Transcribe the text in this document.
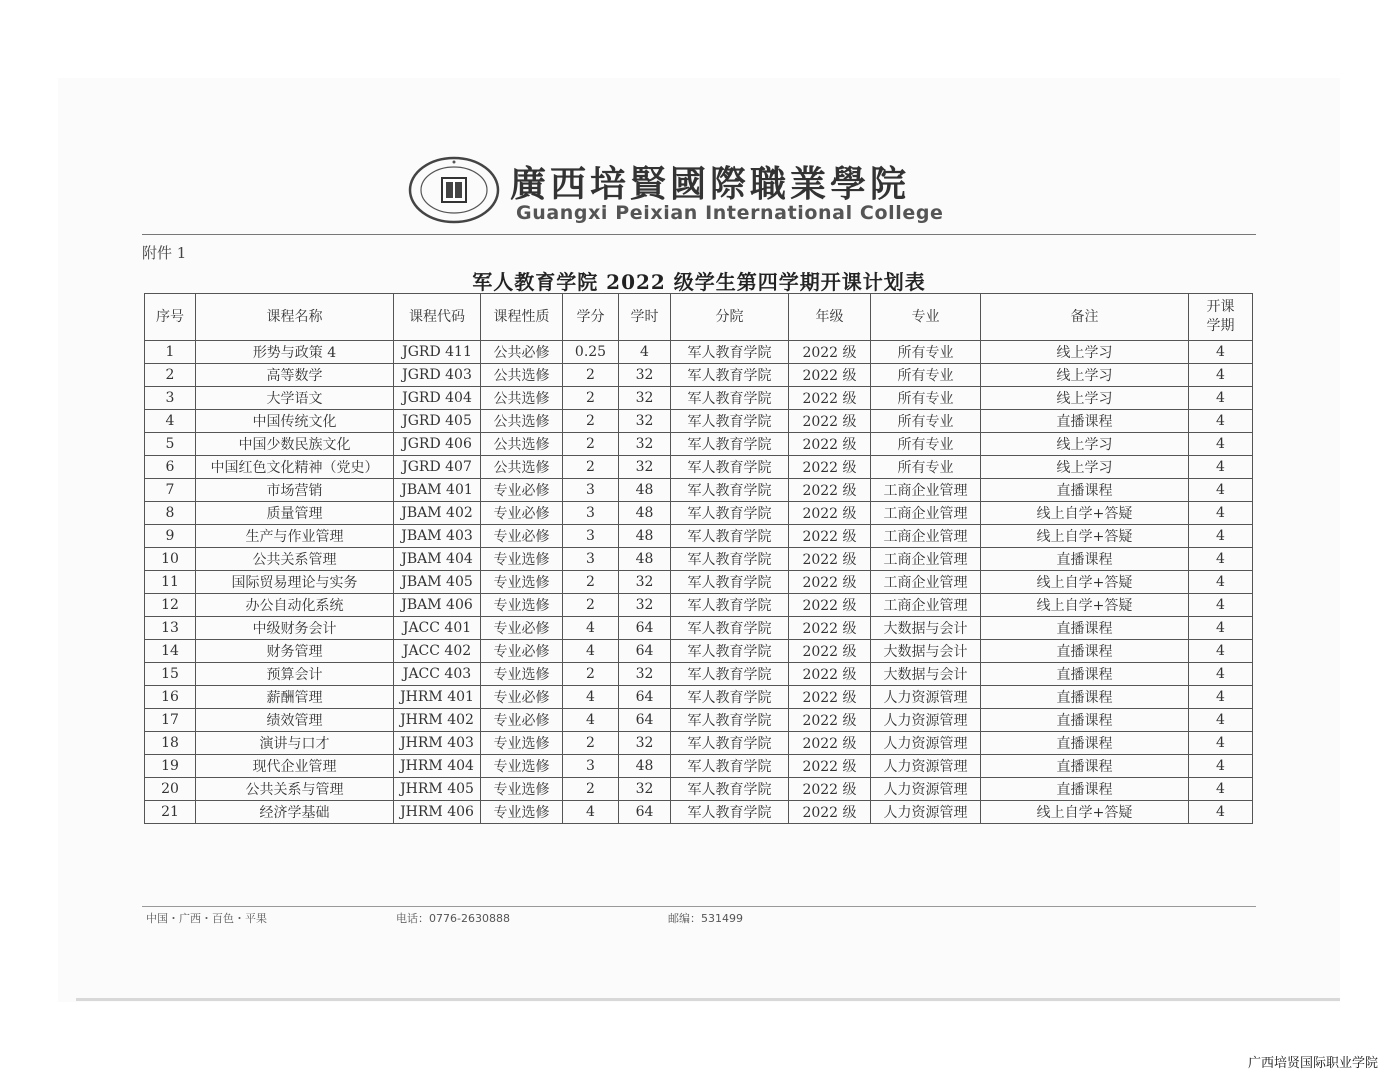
廣西培賢國際職業學院
Guangxi Peixian International College
附件 1
军人教育学院 2022 级学生第四学期开课计划表
序号	课程名称	课程代码	课程性质	学分	学时	分院	年级	专业	备注	开课学期
1	形势与政策 4	JGRD 411	公共必修	0.25	4	军人教育学院	2022 级	所有专业	线上学习	4
2	高等数学	JGRD 403	公共选修	2	32	军人教育学院	2022 级	所有专业	线上学习	4
3	大学语文	JGRD 404	公共选修	2	32	军人教育学院	2022 级	所有专业	线上学习	4
4	中国传统文化	JGRD 405	公共选修	2	32	军人教育学院	2022 级	所有专业	直播课程	4
5	中国少数民族文化	JGRD 406	公共选修	2	32	军人教育学院	2022 级	所有专业	线上学习	4
6	中国红色文化精神（党史）	JGRD 407	公共选修	2	32	军人教育学院	2022 级	所有专业	线上学习	4
7	市场营销	JBAM 401	专业必修	3	48	军人教育学院	2022 级	工商企业管理	直播课程	4
8	质量管理	JBAM 402	专业必修	3	48	军人教育学院	2022 级	工商企业管理	线上自学+答疑	4
9	生产与作业管理	JBAM 403	专业必修	3	48	军人教育学院	2022 级	工商企业管理	线上自学+答疑	4
10	公共关系管理	JBAM 404	专业选修	3	48	军人教育学院	2022 级	工商企业管理	直播课程	4
11	国际贸易理论与实务	JBAM 405	专业选修	2	32	军人教育学院	2022 级	工商企业管理	线上自学+答疑	4
12	办公自动化系统	JBAM 406	专业选修	2	32	军人教育学院	2022 级	工商企业管理	线上自学+答疑	4
13	中级财务会计	JACC 401	专业必修	4	64	军人教育学院	2022 级	大数据与会计	直播课程	4
14	财务管理	JACC 402	专业必修	4	64	军人教育学院	2022 级	大数据与会计	直播课程	4
15	预算会计	JACC 403	专业选修	2	32	军人教育学院	2022 级	大数据与会计	直播课程	4
16	薪酬管理	JHRM 401	专业必修	4	64	军人教育学院	2022 级	人力资源管理	直播课程	4
17	绩效管理	JHRM 402	专业必修	4	64	军人教育学院	2022 级	人力资源管理	直播课程	4
18	演讲与口才	JHRM 403	专业选修	2	32	军人教育学院	2022 级	人力资源管理	直播课程	4
19	现代企业管理	JHRM 404	专业选修	3	48	军人教育学院	2022 级	人力资源管理	直播课程	4
20	公共关系与管理	JHRM 405	专业选修	2	32	军人教育学院	2022 级	人力资源管理	直播课程	4
21	经济学基础	JHRM 406	专业选修	4	64	军人教育学院	2022 级	人力资源管理	线上自学+答疑	4
中国・广西・百色・平果	电话：0776-2630888	邮编：531499
广西培贤国际职业学院
